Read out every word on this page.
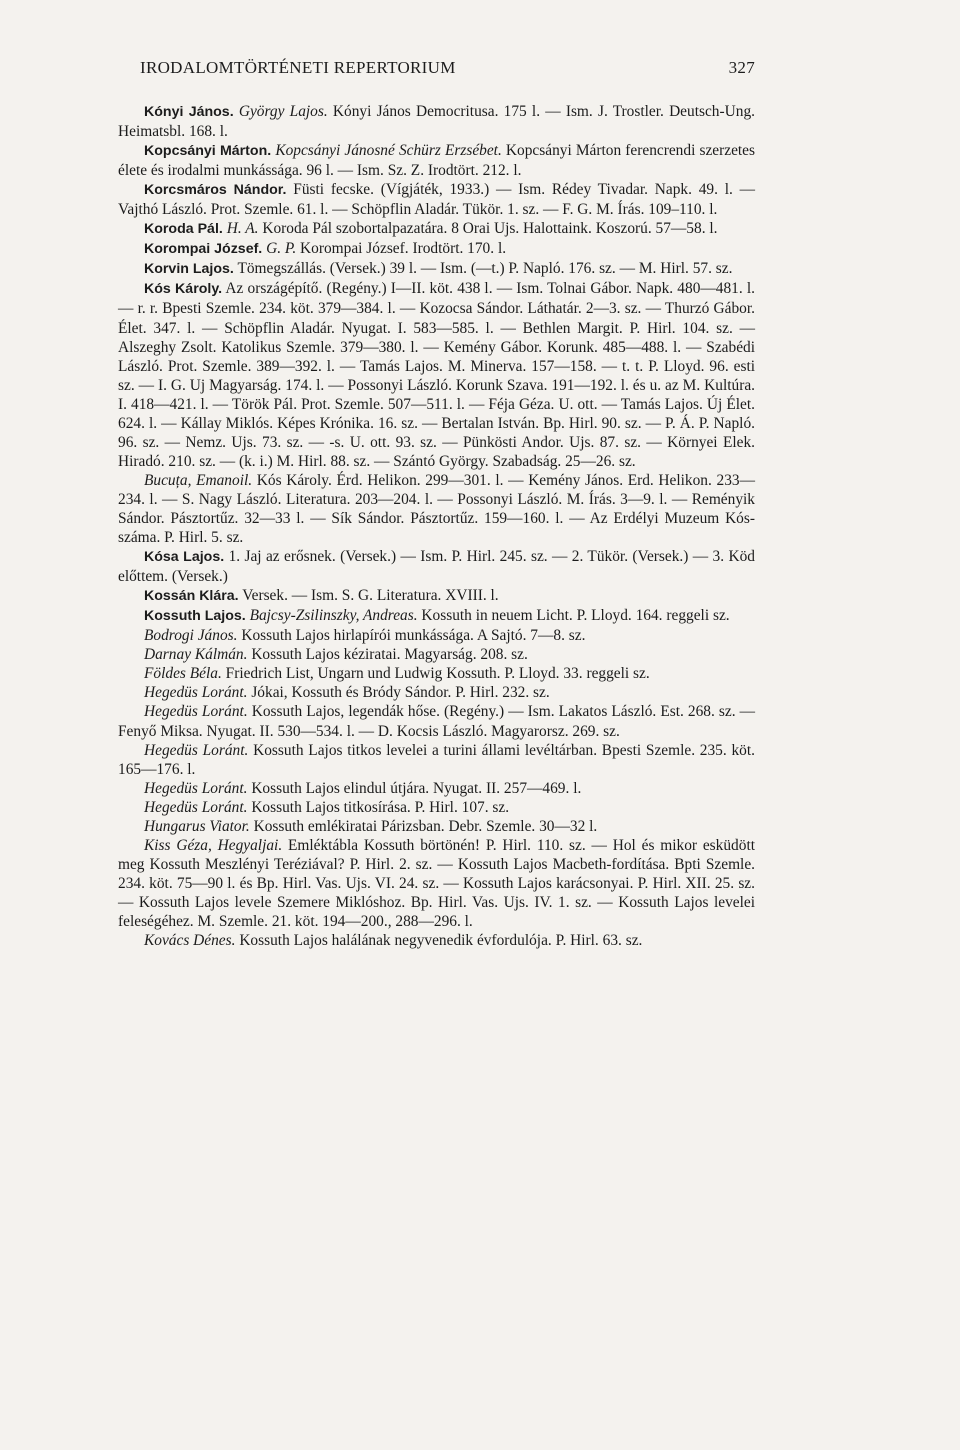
IRODALOMTÖRTÉNETI REPERTORIUM	327

Kónyi János. György Lajos. Kónyi János Democritusa. 175 l. — Ism. J. Trostler. Deutsch-Ung. Heimatsbl. 168. l.

Kopcsányi Márton. Kopcsányi Jánosné Schürz Erzsébet. Kopcsányi Márton ferencrendi szerzetes élete és irodalmi munkássága. 96 l. — Ism. Sz. Z. Irodtört. 212. l.

Korcsmáros Nándor. Füsti fecske. (Vígjáték, 1933.) — Ism. Rédey Tivadar. Napk. 49. l. — Vajthó László. Prot. Szemle. 61. l. — Schöpflin Aladár. Tükör. 1. sz. — F. G. M. Írás. 109–110. l.

Koroda Pál. H. A. Koroda Pál szobortalpazatára. 8 Orai Ujs. Halottaink. Koszorú. 57—58. l.

Korompai József. G. P. Korompai József. Irodtört. 170. l.

Korvin Lajos. Tömegszállás. (Versek.) 39 l. — Ism. (—t.) P. Napló. 176. sz. — M. Hirl. 57. sz.

Kós Károly. Az országépítő. (Regény.) I—II. köt. 438 l. — Ism. Tolnai Gábor. Napk. 480—481. l. — r. r. Bpesti Szemle. 234. köt. 379—384. l. — Kozocsa Sándor. Láthatár. 2—3. sz. — Thurzó Gábor. Élet. 347. l. — Schöpflin Aladár. Nyugat. I. 583—585. l. — Bethlen Margit. P. Hirl. 104. sz. — Alszeghy Zsolt. Katolikus Szemle. 379—380. l. — Kemény Gábor. Korunk. 485—488. l. — Szabédi László. Prot. Szemle. 389—392. l. — Tamás Lajos. M. Minerva. 157—158. — t. t. P. Lloyd. 96. esti sz. — I. G. Uj Magyarság. 174. l. — Possonyi László. Korunk Szava. 191—192. l. és u. az M. Kultúra. I. 418—421. l. — Török Pál. Prot. Szemle. 507—511. l. — Féja Géza. U. ott. — Tamás Lajos. Új Élet. 624. l. — Kállay Miklós. Képes Krónika. 16. sz. — Bertalan István. Bp. Hirl. 90. sz. — P. Á. P. Napló. 96. sz. — Nemz. Ujs. 73. sz. — -s. U. ott. 93. sz. — Pünkösti Andor. Ujs. 87. sz. — Környei Elek. Hiradó. 210. sz. — (k. i.) M. Hirl. 88. sz. — Szántó György. Szabadság. 25—26. sz.

Bucuța, Emanoil. Kós Károly. Érd. Helikon. 299—301. l. — Kemény János. Erd. Helikon. 233—234. l. — S. Nagy László. Literatura. 203—204. l. — Possonyi László. M. Írás. 3—9. l. — Reményik Sándor. Pásztortűz. 32—33 l. — Sík Sándor. Pásztortűz. 159—160. l. — Az Erdélyi Muzeum Kós-száma. P. Hirl. 5. sz.

Kósa Lajos. 1. Jaj az erősnek. (Versek.) — Ism. P. Hirl. 245. sz. — 2. Tükör. (Versek.) — 3. Köd előttem. (Versek.)

Kossán Klára. Versek. — Ism. S. G. Literatura. XVIII. l.

Kossuth Lajos. Bajcsy-Zsilinszky, Andreas. Kossuth in neuem Licht. P. Lloyd. 164. reggeli sz.

Bodrogi János. Kossuth Lajos hirlapírói munkássága. A Sajtó. 7—8. sz.

Darnay Kálmán. Kossuth Lajos kéziratai. Magyarság. 208. sz.

Földes Béla. Friedrich List, Ungarn und Ludwig Kossuth. P. Lloyd. 33. reggeli sz.

Hegedüs Loránt. Jókai, Kossuth és Bródy Sándor. P. Hirl. 232. sz.

Hegedüs Loránt. Kossuth Lajos, legendák hőse. (Regény.) — Ism. Lakatos László. Est. 268. sz. — Fenyő Miksa. Nyugat. II. 530—534. l. — D. Kocsis László. Magyarorsz. 269. sz.

Hegedüs Loránt. Kossuth Lajos titkos levelei a turini állami levéltárban. Bpesti Szemle. 235. köt. 165—176. l.

Hegedüs Loránt. Kossuth Lajos elindul útjára. Nyugat. II. 257—469. l.

Hegedüs Loránt. Kossuth Lajos titkosírása. P. Hirl. 107. sz.

Hungarus Viator. Kossuth emlékiratai Párizsban. Debr. Szemle. 30—32 l.

Kiss Géza, Hegyaljai. Emléktábla Kossuth börtönén! P. Hirl. 110. sz. — Hol és mikor esküdött meg Kossuth Meszlényi Teréziával? P. Hirl. 2. sz. — Kossuth Lajos Macbeth-fordítása. Bpti Szemle. 234. köt. 75—90 l. és Bp. Hirl. Vas. Ujs. VI. 24. sz. — Kossuth Lajos karácsonyai. P. Hirl. XII. 25. sz. — Kossuth Lajos levele Szemere Miklóshoz. Bp. Hirl. Vas. Ujs. IV. 1. sz. — Kossuth Lajos levelei feleségéhez. M. Szemle. 21. köt. 194—200., 288—296. l.

Kovács Dénes. Kossuth Lajos halálának negyvenedik évfordulója. P. Hirl. 63. sz.
